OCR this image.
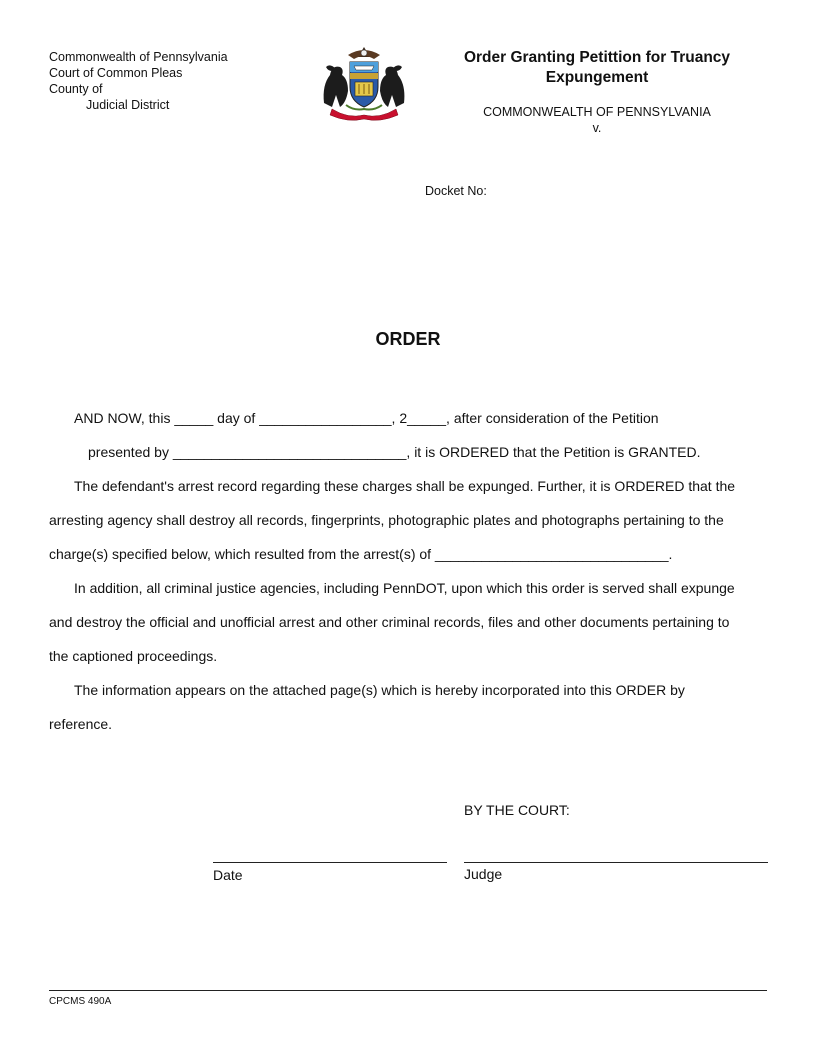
Commonwealth of Pennsylvania
Court of Common Pleas
County of
Judicial District
Order Granting Petittion for Truancy
Expungement
COMMONWEALTH OF PENNSYLVANIA
v.
Docket No:
ORDER
AND NOW, this _____ day of _________________, 2_____, after consideration of the Petition
presented by ______________________________, it is ORDERED that the Petition is GRANTED.
The defendant's arrest record regarding these charges shall be expunged. Further, it is ORDERED that the
arresting agency shall destroy all records, fingerprints, photographic plates and photographs pertaining to the
charge(s) specified below, which resulted from the arrest(s) of ______________________________.
In addition, all criminal justice agencies, including PennDOT, upon which this order is served shall expunge
and destroy the official and unofficial arrest and other criminal records, files and other documents pertaining to
the captioned proceedings.
The information appears on the attached page(s) which is hereby incorporated into this ORDER by
reference.
BY THE COURT:
Date	Judge
CPCMS 490A
